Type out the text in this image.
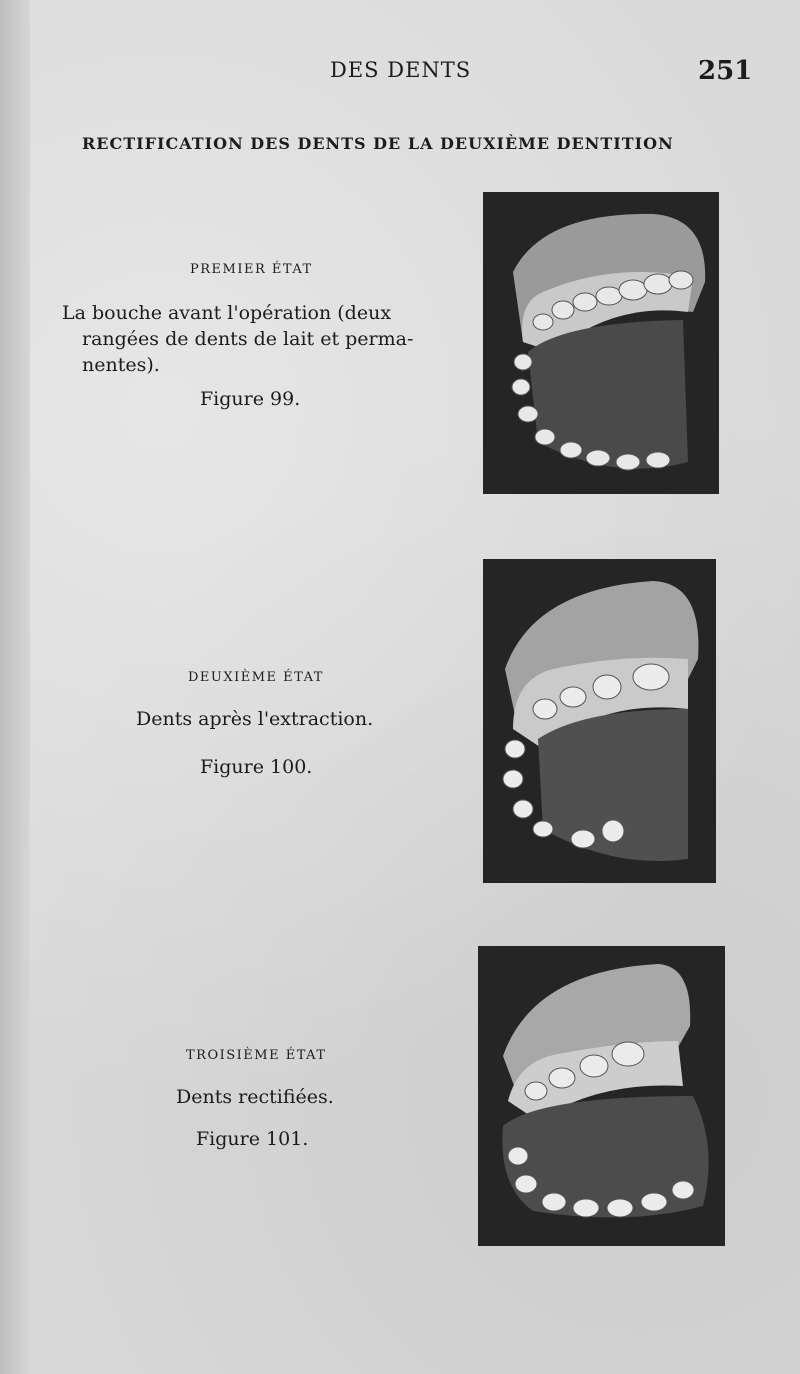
DES DENTS	251
RECTIFICATION DES DENTS DE LA DEUXIÈME DENTITION
PREMIER ÉTAT
La bouche avant l'opération (deux
rangées de dents de lait et perma-
nentes).
Figure 99.
DEUXIÈME ÉTAT
Dents après l'extraction.
Figure 100.
TROISIÈME ÉTAT
Dents rectifiées.
Figure 101.
